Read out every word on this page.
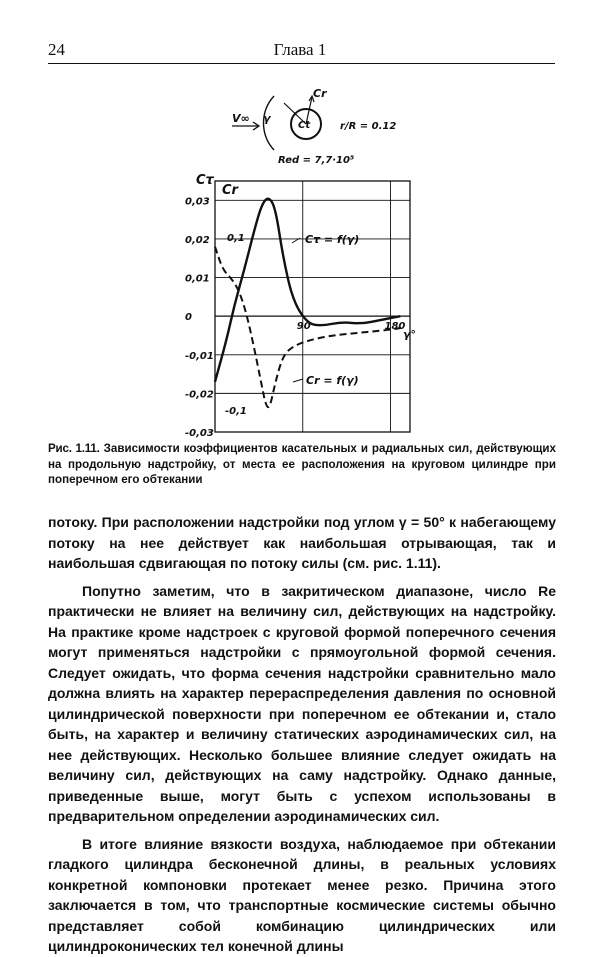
24	Глава 1
V∞ γ
Cr
Ct	r/R = 0.12
Red = 7,7·10⁵
0,03
0,02
0,01
0
-0,01
-0,02
-0,03
90	180
Cτ
Cr
γ°
0,1
-0,1
Cτ = f(γ)
Cr = f(γ)
Рис. 1.11. Зависимости коэффициентов касательных и радиальных сил, действующих на продольную надстройку, от места ее расположения на круговом цилиндре при поперечном его обтекании

потоку. При расположении надстройки под углом γ = 50° к набегающему потоку на нее действует как наибольшая отрывающая, так и наибольшая сдвигающая по потоку силы (см. рис. 1.11).

Попутно заметим, что в закритическом диапазоне, число Re практически не влияет на величину сил, действующих на надстройку. На практике кроме надстроек с круговой формой поперечного сечения могут применяться надстройки с прямоугольной формой сечения. Следует ожидать, что форма сечения надстройки сравнительно мало должна влиять на характер перераспределения давления по основной цилиндрической поверхности при поперечном ее обтекании и, стало быть, на характер и величину статических аэродинамических сил, на нее действующих. Несколько большее влияние следует ожидать на величину сил, действующих на саму надстройку. Однако данные, приведенные выше, могут быть с успехом использованы в предварительном определении аэродинамических сил.

В итоге влияние вязкости воздуха, наблюдаемое при обтекании гладкого цилиндра бесконечной длины, в реальных условиях конкретной компоновки протекает менее резко. Причина этого заключается в том, что транспортные космические системы обычно представляет собой комбинацию цилиндрических или цилиндроконических тел конечной длины
